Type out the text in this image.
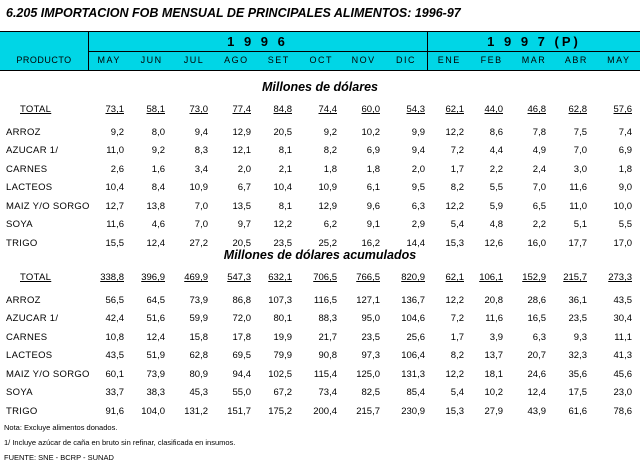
6.205 IMPORTACION FOB MENSUAL DE PRINCIPALES ALIMENTOS: 1996-97
1 9 9 6	1 9 9 7 (P)
PRODUCTO	MAY	JUN	JUL	AGO	SET	OCT	NOV	DIC	ENE	FEB	MAR	ABR	MAY
Millones de dólares
TOTAL	73,1	58,1	73,0	77,4	84,8	74,4	60,0	54,3	62,1	44,0	46,8	62,8	57,6
ARROZ	9,2	8,0	9,4	12,9	20,5	9,2	10,2	9,9	12,2	8,6	7,8	7,5	7,4
AZUCAR 1/	11,0	9,2	8,3	12,1	8,1	8,2	6,9	9,4	7,2	4,4	4,9	7,0	6,9
CARNES	2,6	1,6	3,4	2,0	2,1	1,8	1,8	2,0	1,7	2,2	2,4	3,0	1,8
LACTEOS	10,4	8,4	10,9	6,7	10,4	10,9	6,1	9,5	8,2	5,5	7,0	11,6	9,0
MAIZ Y/O SORGO	12,7	13,8	7,0	13,5	8,1	12,9	9,6	6,3	12,2	5,9	6,5	11,0	10,0
SOYA	11,6	4,6	7,0	9,7	12,2	6,2	9,1	2,9	5,4	4,8	2,2	5,1	5,5
TRIGO	15,5	12,4	27,2	20,5	23,5	25,2	16,2	14,4	15,3	12,6	16,0	17,7	17,0
Millones de dólares acumulados
TOTAL	338,8	396,9	469,9	547,3	632,1	706,5	766,5	820,9	62,1	106,1	152,9	215,7	273,3
ARROZ	56,5	64,5	73,9	86,8	107,3	116,5	127,1	136,7	12,2	20,8	28,6	36,1	43,5
AZUCAR 1/	42,4	51,6	59,9	72,0	80,1	88,3	95,0	104,6	7,2	11,6	16,5	23,5	30,4
CARNES	10,8	12,4	15,8	17,8	19,9	21,7	23,5	25,6	1,7	3,9	6,3	9,3	11,1
LACTEOS	43,5	51,9	62,8	69,5	79,9	90,8	97,3	106,4	8,2	13,7	20,7	32,3	41,3
MAIZ Y/O SORGO	60,1	73,9	80,9	94,4	102,5	115,4	125,0	131,3	12,2	18,1	24,6	35,6	45,6
SOYA	33,7	38,3	45,3	55,0	67,2	73,4	82,5	85,4	5,4	10,2	12,4	17,5	23,0
TRIGO	91,6	104,0	131,2	151,7	175,2	200,4	215,7	230,9	15,3	27,9	43,9	61,6	78,6
Nota: Excluye alimentos donados.
1/ Incluye azúcar de caña en bruto sin refinar, clasificada en insumos.
FUENTE: SNE - BCRP - SUNAD
